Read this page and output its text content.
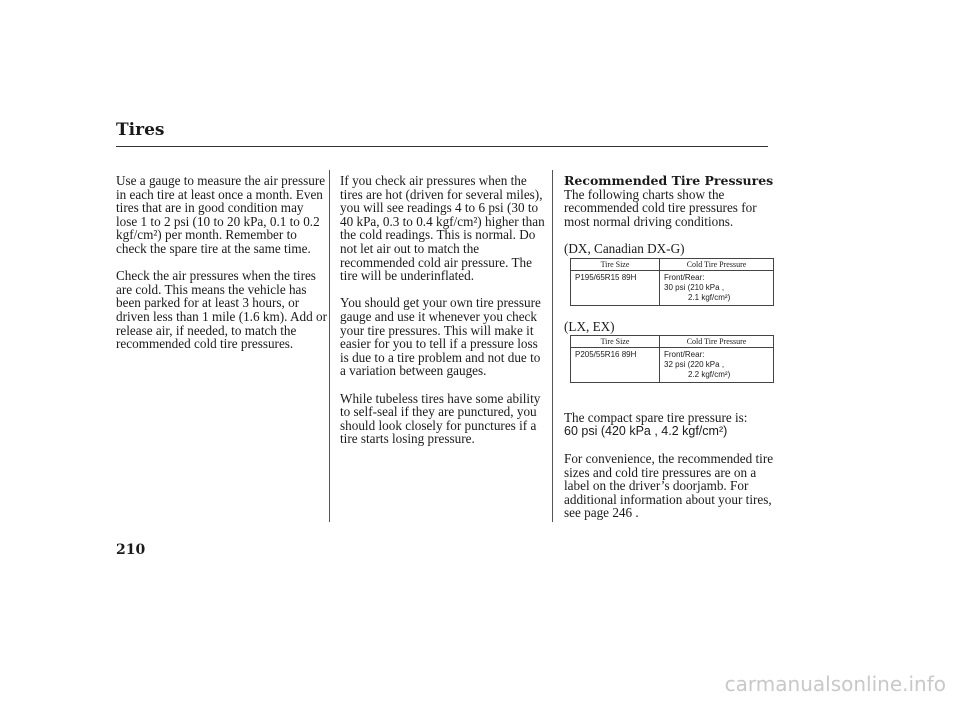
Tires

Use a gauge to measure the air pressure in each tire at least once a month. Even tires that are in good condition may lose 1 to 2 psi (10 to 20 kPa, 0.1 to 0.2 kgf/cm²) per month. Remember to check the spare tire at the same time.

Check the air pressures when the tires are cold. This means the vehicle has been parked for at least 3 hours, or driven less than 1 mile (1.6 km). Add or release air, if needed, to match the recommended cold tire pressures.

If you check air pressures when the tires are hot (driven for several miles), you will see readings 4 to 6 psi (30 to 40 kPa, 0.3 to 0.4 kgf/cm²) higher than the cold readings. This is normal. Do not let air out to match the recommended cold air pressure. The tire will be underinflated.

You should get your own tire pressure gauge and use it whenever you check your tire pressures. This will make it easier for you to tell if a pressure loss is due to a tire problem and not due to a variation between gauges.

While tubeless tires have some ability to self-seal if they are punctured, you should look closely for punctures if a tire starts losing pressure.

Recommended Tire Pressures

The following charts show the recommended cold tire pressures for most normal driving conditions.

(DX, Canadian DX-G)
Tire Size	Cold Tire Pressure
P195/65R15 89H	Front/Rear:
30 psi (210 kPa ,
2.1 kgf/cm²)
(LX, EX)
Tire Size	Cold Tire Pressure
P205/55R16 89H	Front/Rear:
32 psi (220 kPa ,
2.2 kgf/cm²)

The compact spare tire pressure is:
60 psi (420 kPa , 4.2 kgf/cm²)

For convenience, the recommended tire sizes and cold tire pressures are on a label on the driver’s doorjamb. For additional information about your tires, see page 246 .

210
carmanualsonline.info
